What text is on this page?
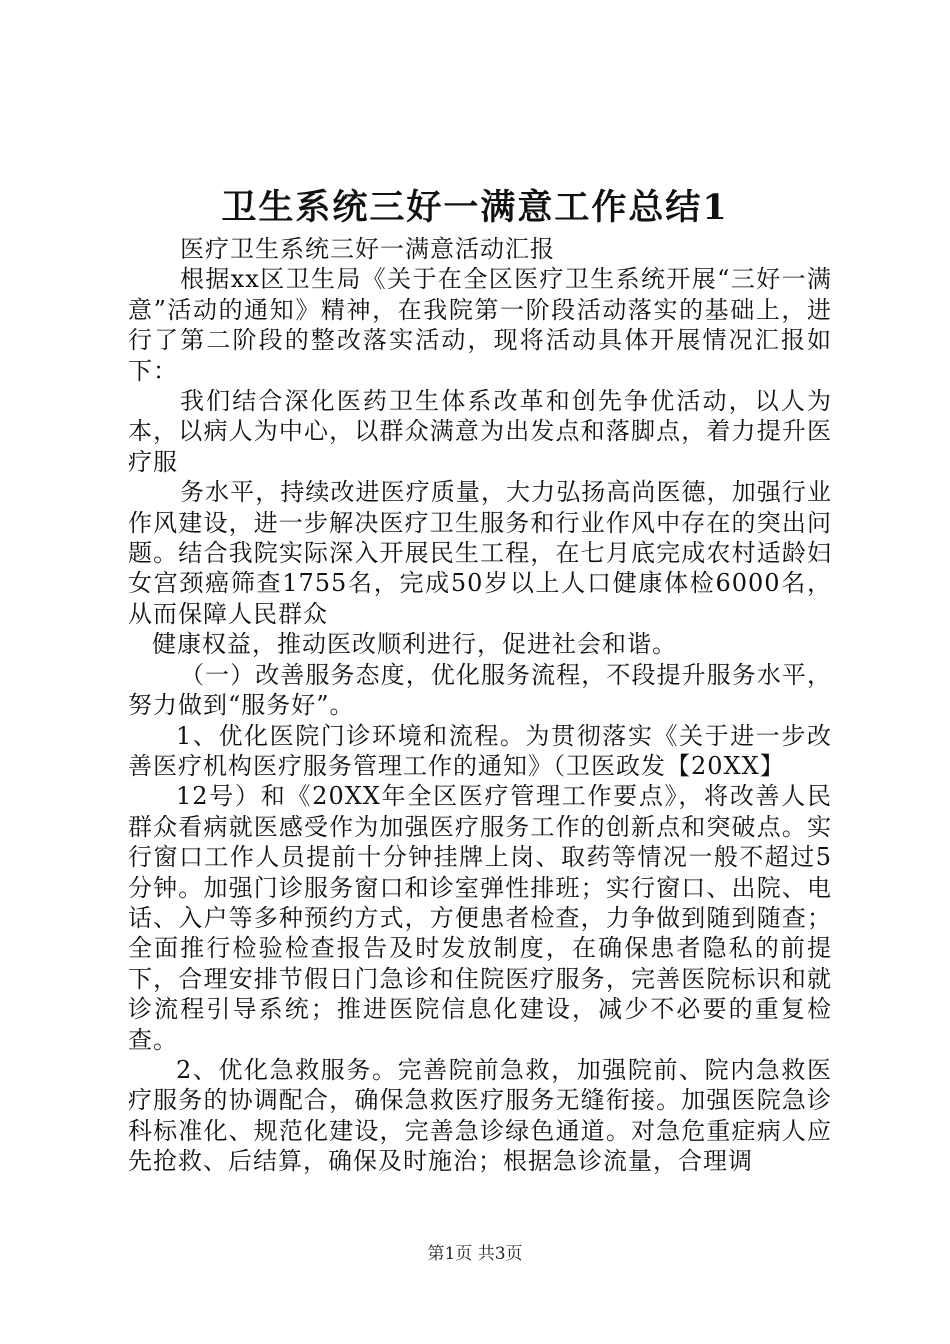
卫生系统三好一满意工作总结1

医疗卫生系统三好一满意活动汇报

根据xx区卫生局《关于在全区医疗卫生系统开展“三好一满意”活动的通知》精神，在我院第一阶段活动落实的基础上，进行了第二阶段的整改落实活动，现将活动具体开展情况汇报如下：

我们结合深化医药卫生体系改革和创先争优活动，以人为本，以病人为中心，以群众满意为出发点和落脚点，着力提升医疗服

务水平，持续改进医疗质量，大力弘扬高尚医德，加强行业作风建设，进一步解决医疗卫生服务和行业作风中存在的突出问题。结合我院实际深入开展民生工程，在七月底完成农村适龄妇女宫颈癌筛查1755名，完成50岁以上人口健康体检6000名，从而保障人民群众

健康权益，推动医改顺利进行，促进社会和谐。

（一）改善服务态度，优化服务流程，不段提升服务水平，努力做到“服务好”。

1、优化医院门诊环境和流程。为贯彻落实《关于进一步改善医疗机构医疗服务管理工作的通知》（卫医政发【20XX】

12号）和《20XX年全区医疗管理工作要点》，将改善人民群众看病就医感受作为加强医疗服务工作的创新点和突破点。实行窗口工作人员提前十分钟挂牌上岗、取药等情况一般不超过5分钟。加强门诊服务窗口和诊室弹性排班；实行窗口、出院、电话、入户等多种预约方式，方便患者检查，力争做到随到随查；全面推行检验检查报告及时发放制度，在确保患者隐私的前提下，合理安排节假日门急诊和住院医疗服务，完善医院标识和就诊流程引导系统；推进医院信息化建设，减少不必要的重复检查。

2、优化急救服务。完善院前急救，加强院前、院内急救医疗服务的协调配合，确保急救医疗服务无缝衔接。加强医院急诊科标准化、规范化建设，完善急诊绿色通道。对急危重症病人应先抢救、后结算，确保及时施治；根据急诊流量，合理调

第1页 共3页
